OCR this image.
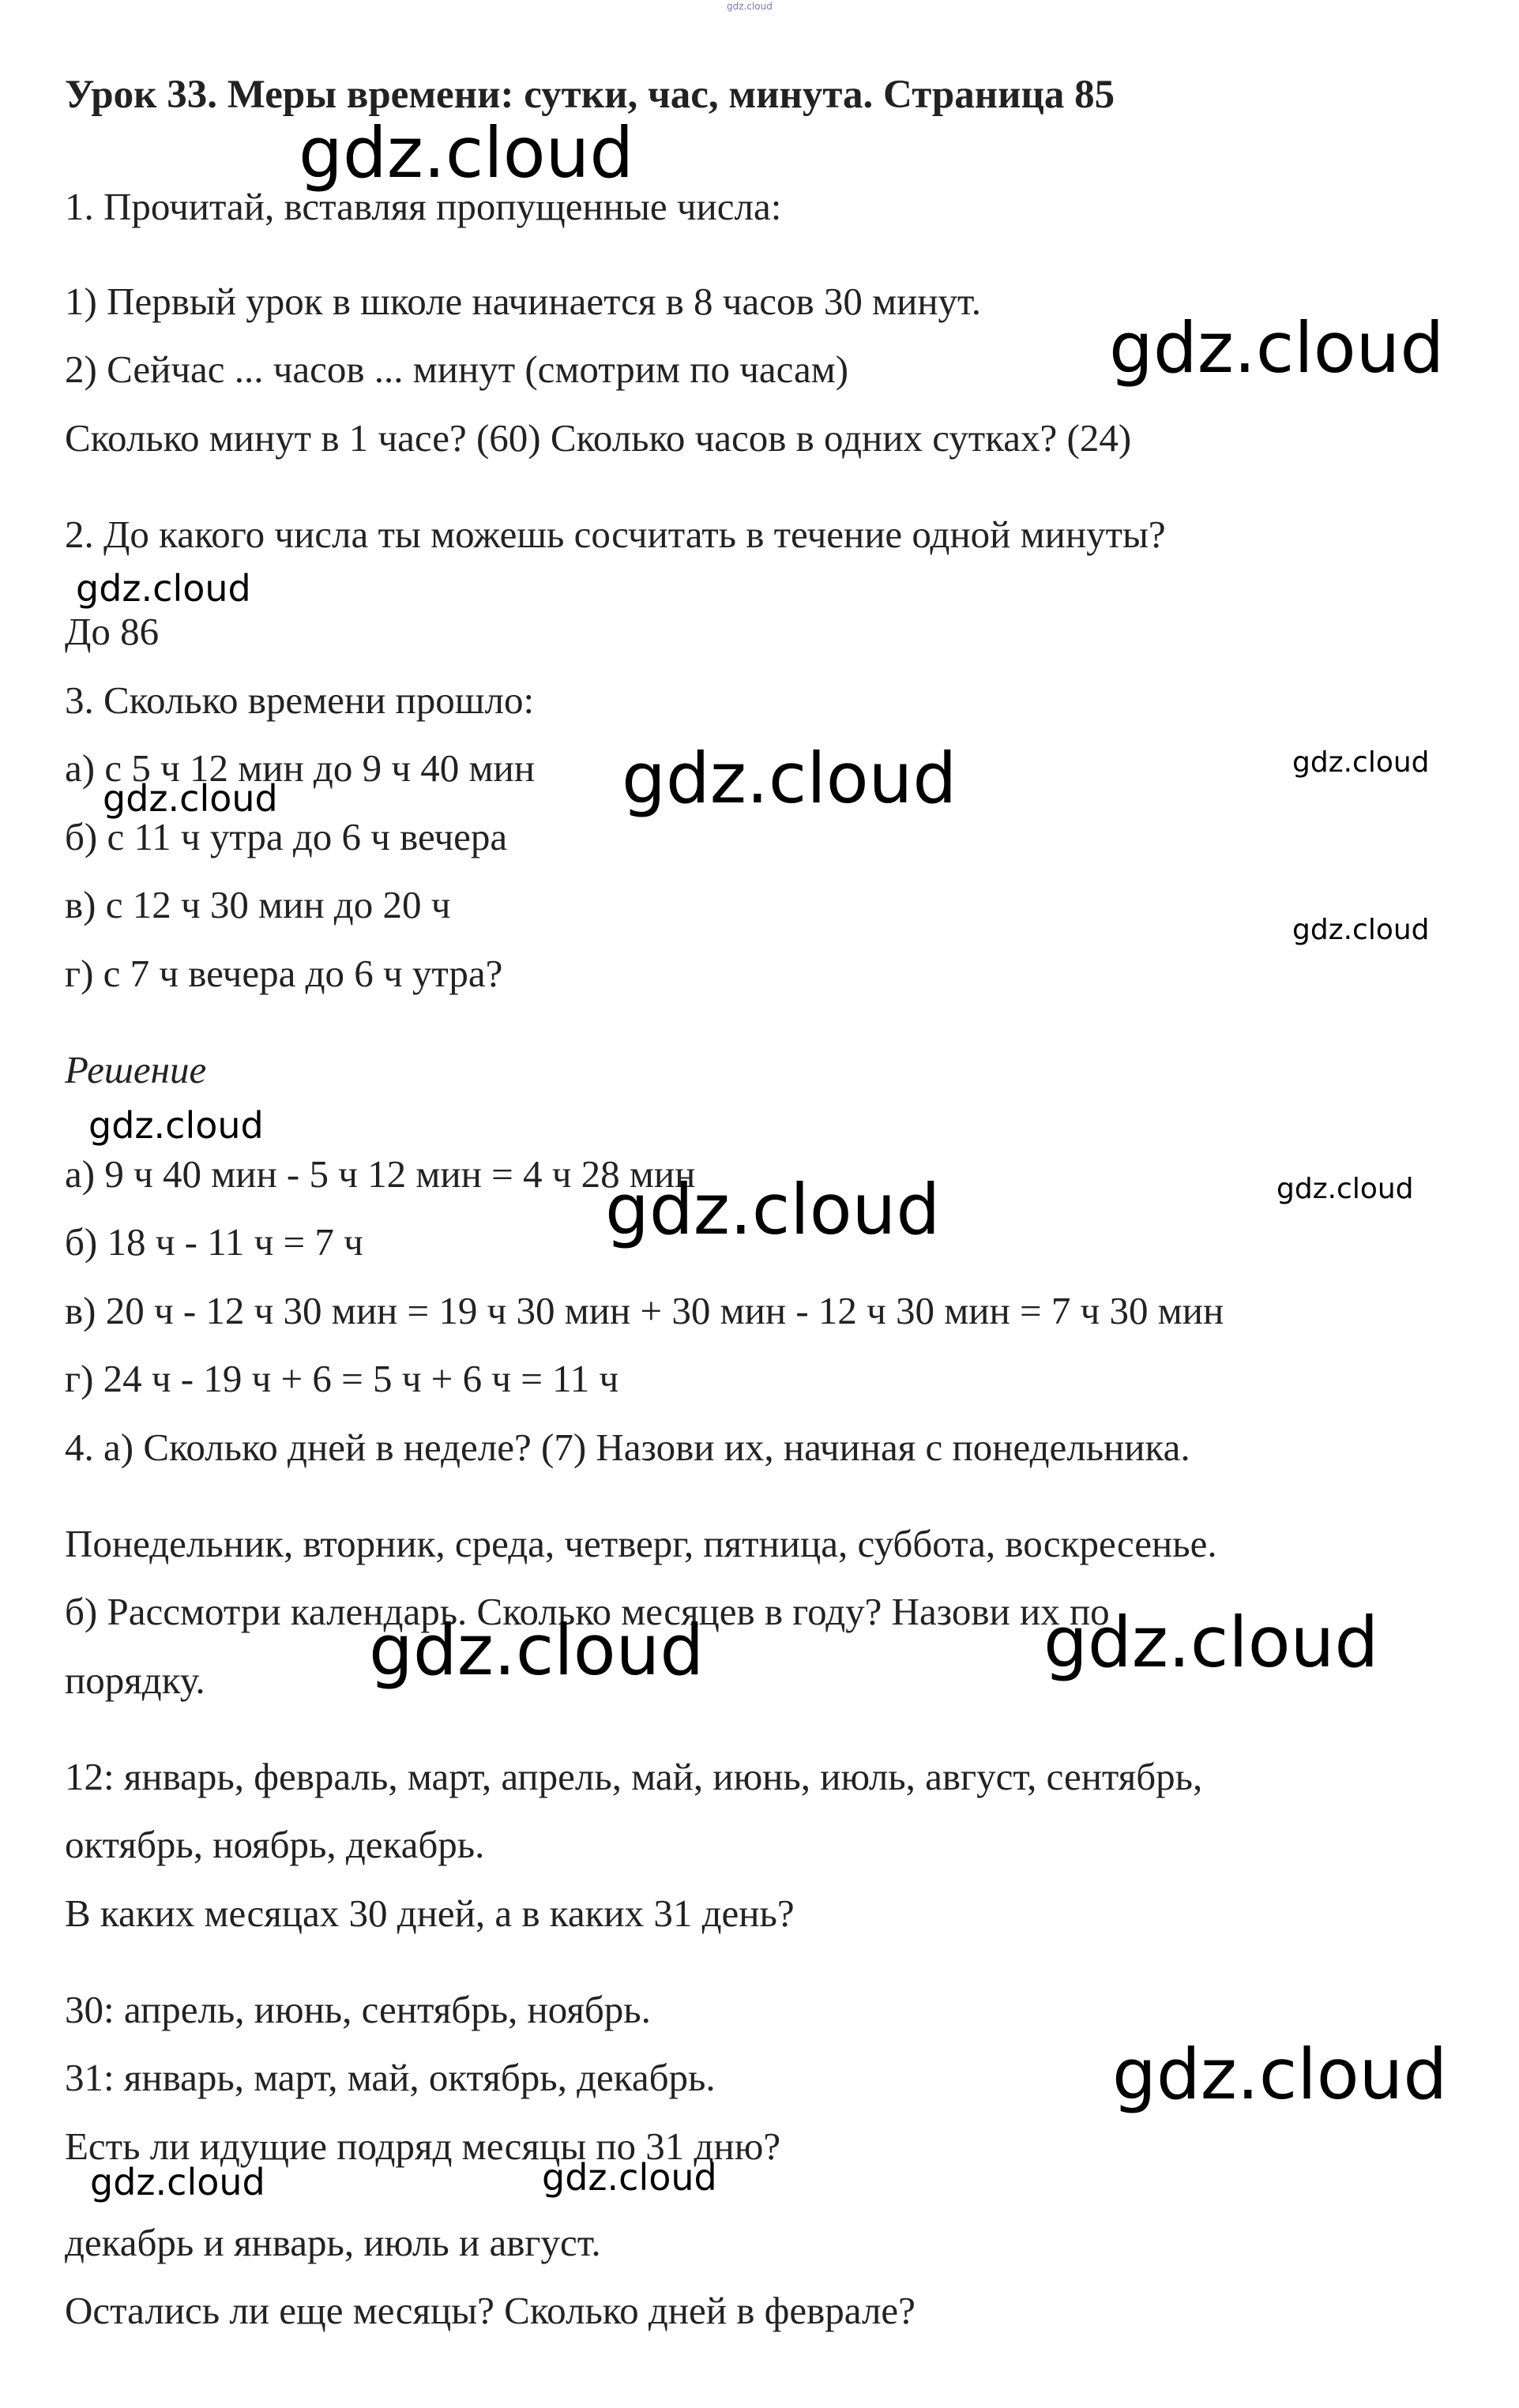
gdz.cloud
Урок 33. Меры времени: сутки, час, минута. Страница 85
1. Прочитай, вставляя пропущенные числа:
1) Первый урок в школе начинается в 8 часов 30 минут.
2) Сейчас ... часов ... минут (смотрим по часам)
Сколько минут в 1 часе? (60) Сколько часов в одних сутках? (24)
2. До какого числа ты можешь сосчитать в течение одной минуты?
До 86
3. Сколько времени прошло:
а) с 5 ч 12 мин до 9 ч 40 мин
б) с 11 ч утра до 6 ч вечера
в) с 12 ч 30 мин до 20 ч
г) с 7 ч вечера до 6 ч утра?
Решение
а) 9 ч 40 мин - 5 ч 12 мин = 4 ч 28 мин
б) 18 ч - 11 ч = 7 ч
в) 20 ч - 12 ч 30 мин = 19 ч 30 мин + 30 мин - 12 ч 30 мин = 7 ч 30 мин
г) 24 ч - 19 ч + 6 = 5 ч + 6 ч = 11 ч
4. а) Сколько дней в неделе? (7) Назови их, начиная с понедельника.
Понедельник, вторник, среда, четверг, пятница, суббота, воскресенье.
б) Рассмотри календарь. Сколько месяцев в году? Назови их по
порядку.
12: январь, февраль, март, апрель, май, июнь, июль, август, сентябрь,
октябрь, ноябрь, декабрь.
В каких месяцах 30 дней, а в каких 31 день?
30: апрель, июнь, сентябрь, ноябрь.
31: январь, март, май, октябрь, декабрь.
Есть ли идущие подряд месяцы по 31 дню?
декабрь и январь, июль и август.
Остались ли еще месяцы? Сколько дней в феврале?
gdz.cloud
gdz.cloud
gdz.cloud
gdz.cloud	gdz.cloud
gdz.cloud
gdz.cloud
gdz.cloud
gdz.cloud	gdz.cloud
gdz.cloud	gdz.cloud
gdz.cloud
gdz.cloud	gdz.cloud
